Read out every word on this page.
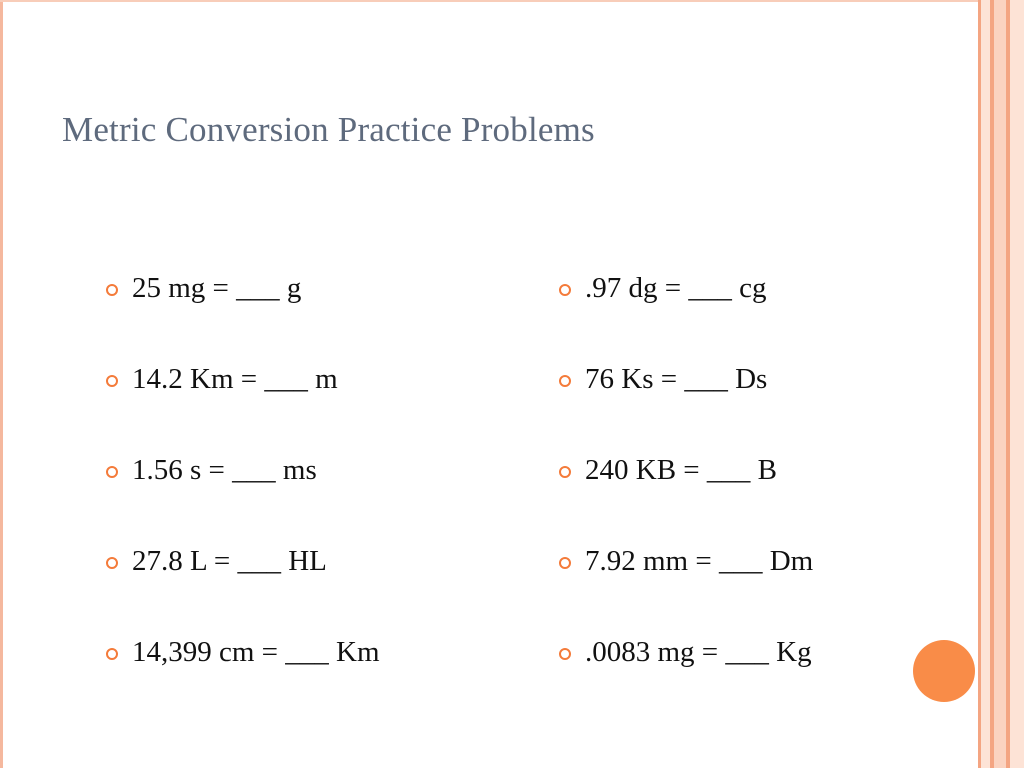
Metric Conversion Practice Problems
25 mg = ___ g
14.2 Km = ___ m
1.56 s = ___ ms
27.8 L = ___ HL
14,399 cm = ___ Km
.97 dg = ___ cg
76 Ks = ___ Ds
240 KB = ___ B
7.92 mm = ___ Dm
.0083 mg = ___ Kg
